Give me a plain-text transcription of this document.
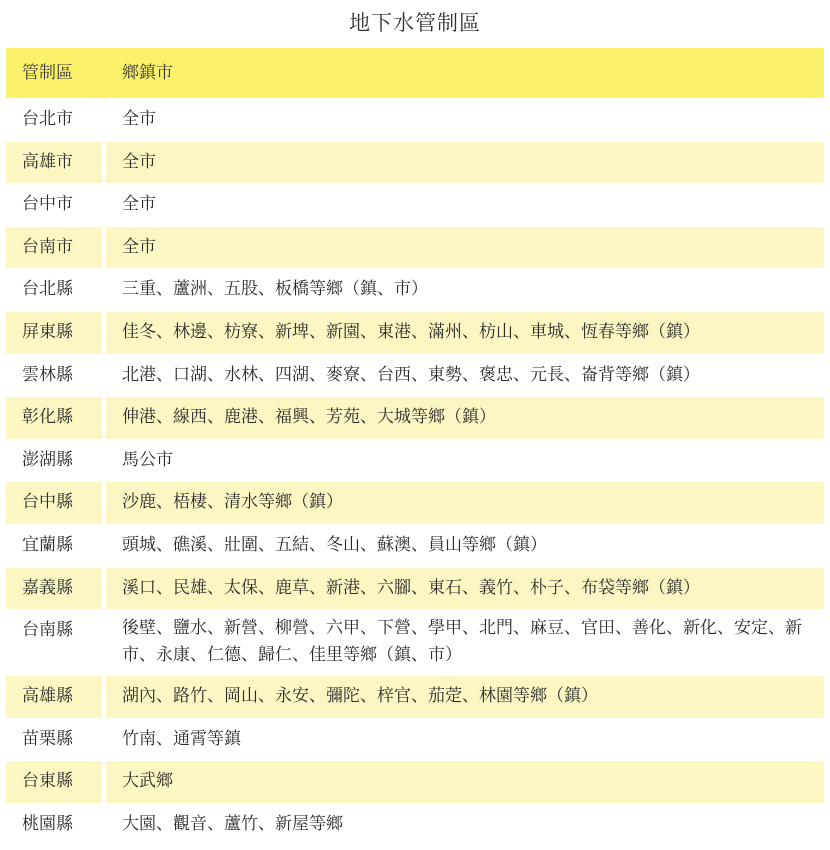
地下水管制區
管制區	鄉鎮市
台北市	全市
高雄市	全市
台中市	全市
台南市	全市
台北縣	三重、蘆洲、五股、板橋等鄉（鎮、市）
屏東縣	佳冬、林邊、枋寮、新埤、新園、東港、滿州、枋山、車城、恆春等鄉（鎮）
雲林縣	北港、口湖、水林、四湖、麥寮、台西、東勢、褒忠、元長、崙背等鄉（鎮）
彰化縣	伸港、線西、鹿港、福興、芳苑、大城等鄉（鎮）
澎湖縣	馬公市
台中縣	沙鹿、梧棲、清水等鄉（鎮）
宜蘭縣	頭城、礁溪、壯圍、五結、冬山、蘇澳、員山等鄉（鎮）
嘉義縣	溪口、民雄、太保、鹿草、新港、六腳、東石、義竹、朴子、布袋等鄉（鎮）
台南縣	後壁、鹽水、新營、柳營、六甲、下營、學甲、北門、麻豆、官田、善化、新化、安定、新市、永康、仁德、歸仁、佳里等鄉（鎮、市）
高雄縣	湖內、路竹、岡山、永安、彌陀、梓官、茄萣、林園等鄉（鎮）
苗栗縣	竹南、通霄等鎮
台東縣	大武鄉
桃園縣	大園、觀音、蘆竹、新屋等鄉
